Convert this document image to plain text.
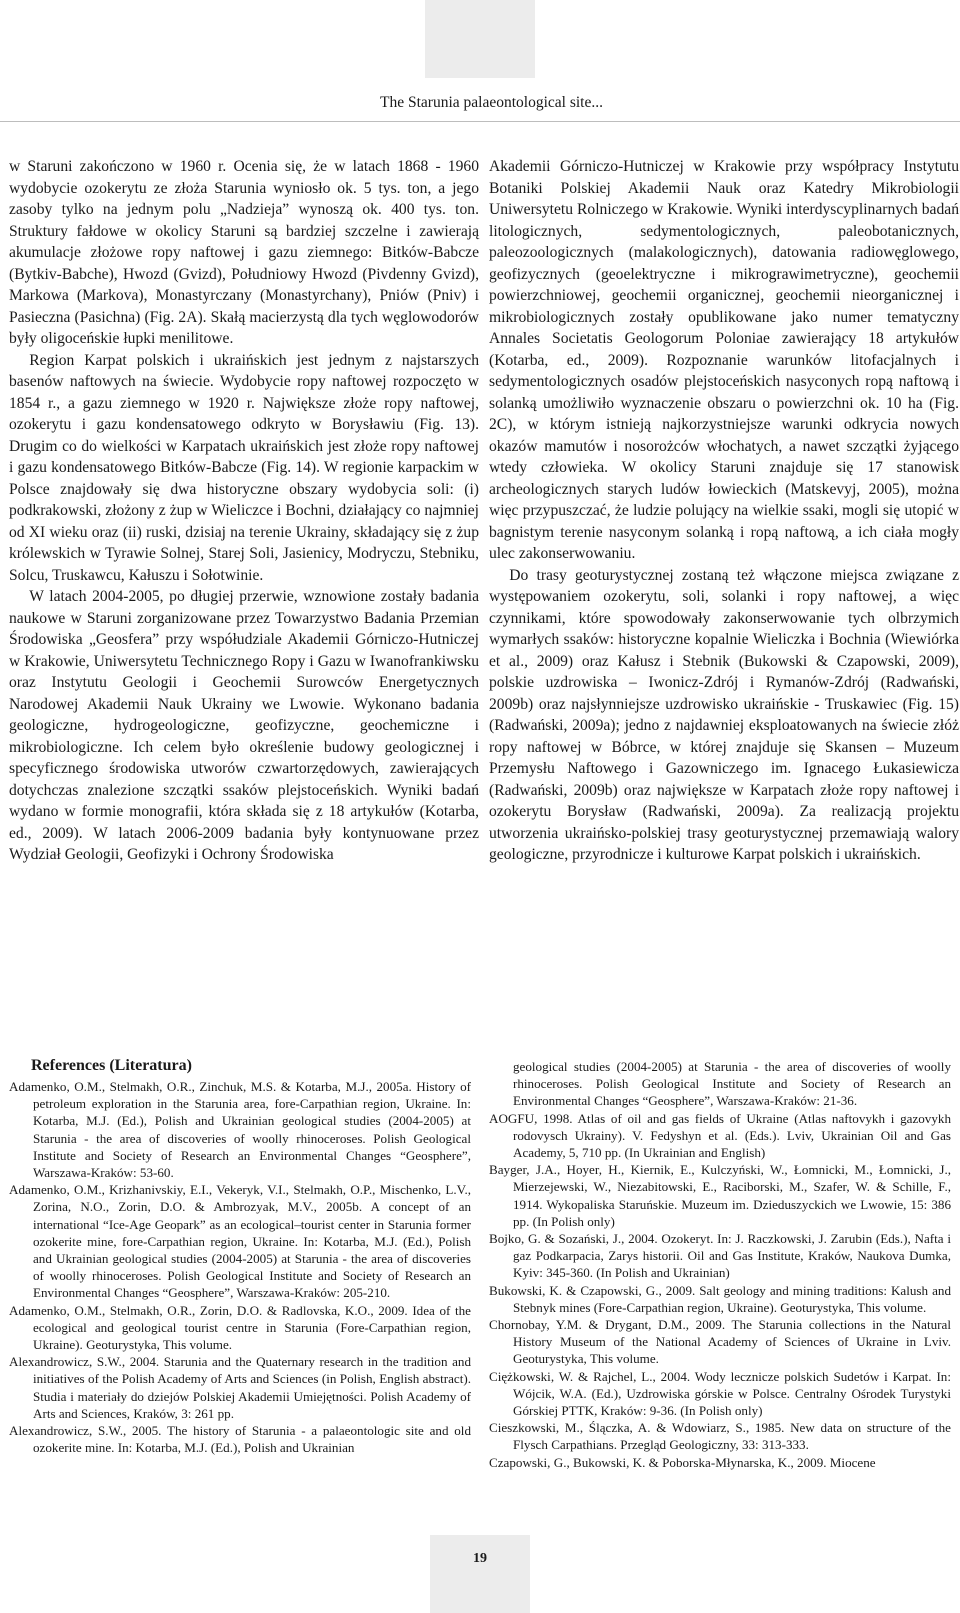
The Starunia palaeontological site...

w Staruni zakończono w 1960 r. Ocenia się, że w latach 1868 - 1960 wydobycie ozokerytu ze złoża Starunia wyniosło ok. 5 tys. ton, a jego zasoby tylko na jednym polu „Nadzieja” wynoszą ok. 400 tys. ton. Struktury fałdowe w okolicy Staruni są bardziej szczelne i zawierają akumulacje złożowe ropy naftowej i gazu ziemnego: Bitków-Babcze (Bytkiv-Babche), Hwozd (Gvizd), Południowy Hwozd (Pivdenny Gvizd), Markowa (Markova), Monastyrczany (Monastyrchany), Pniów (Pniv) i Pasieczna (Pasichna) (Fig. 2A). Skałą macierzystą dla tych węglowodorów były oligoceńskie łupki menilitowe.

Region Karpat polskich i ukraińskich jest jednym z najstarszych basenów naftowych na świecie. Wydobycie ropy naftowej rozpoczęto w 1854 r., a gazu ziemnego w 1920 r. Największe złoże ropy naftowej, ozokerytu i gazu kondensatowego odkryto w Borysławiu (Fig. 13). Drugim co do wielkości w Karpatach ukraińskich jest złoże ropy naftowej i gazu kondensatowego Bitków-Babcze (Fig. 14). W regionie karpackim w Polsce znajdowały się dwa historyczne obszary wydobycia soli: (i) podkrakowski, złożony z żup w Wieliczce i Bochni, działający co najmniej od XI wieku oraz (ii) ruski, dzisiaj na terenie Ukrainy, składający się z żup królewskich w Tyrawie Solnej, Starej Soli, Jasienicy, Modryczu, Stebniku, Solcu, Truskawcu, Kałuszu i Sołotwinie.

W latach 2004-2005, po długiej przerwie, wznowione zostały badania naukowe w Staruni zorganizowane przez Towarzystwo Badania Przemian Środowiska „Geosfera” przy współudziale Akademii Górniczo-Hutniczej w Krakowie, Uniwersytetu Technicznego Ropy i Gazu w Iwanofrankiwsku oraz Instytutu Geologii i Geochemii Surowców Energetycznych Narodowej Akademii Nauk Ukrainy we Lwowie. Wykonano badania geologiczne, hydrogeologiczne, geofizyczne, geochemiczne i mikrobiologiczne. Ich celem było określenie budowy geologicznej i specyficznego środowiska utworów czwartorzędowych, zawierających dotychczas znalezione szczątki ssaków plejstoceńskich. Wyniki badań wydano w formie monografii, która składa się z 18 artykułów (Kotarba, ed., 2009). W latach 2006-2009 badania były kontynuowane przez Wydział Geologii, Geofizyki i Ochrony Środowiska

Akademii Górniczo-Hutniczej w Krakowie przy współpracy Instytutu Botaniki Polskiej Akademii Nauk oraz Katedry Mikrobiologii Uniwersytetu Rolniczego w Krakowie. Wyniki interdyscyplinarnych badań litologicznych, sedymentologicznych, paleobotanicznych, paleozoologicznych (malakologicznych), datowania radiowęglowego, geofizycznych (geoelektryczne i mikrograwimetryczne), geochemii powierzchniowej, geochemii organicznej, geochemii nieorganicznej i mikrobiologicznych zostały opublikowane jako numer tematyczny Annales Societatis Geologorum Poloniae zawierający 18 artykułów (Kotarba, ed., 2009). Rozpoznanie warunków litofacjalnych i sedymentologicznych osadów plejstoceńskich nasyconych ropą naftową i solanką umożliwiło wyznaczenie obszaru o powierzchni ok. 10 ha (Fig. 2C), w którym istnieją najkorzystniejsze warunki odkrycia nowych okazów mamutów i nosorożców włochatych, a nawet szczątki żyjącego wtedy człowieka. W okolicy Staruni znajduje się 17 stanowisk archeologicznych starych ludów łowieckich (Matskevyj, 2005), można więc przypuszczać, że ludzie polujący na wielkie ssaki, mogli się utopić w bagnistym terenie nasyconym solanką i ropą naftową, a ich ciała mogły ulec zakonserwowaniu.

Do trasy geoturystycznej zostaną też włączone miejsca związane z występowaniem ozokerytu, soli, solanki i ropy naftowej, a więc czynnikami, które spowodowały zakonserwowanie tych olbrzymich wymarłych ssaków: historyczne kopalnie Wieliczka i Bochnia (Wiewiórka et al., 2009) oraz Kałusz i Stebnik (Bukowski & Czapowski, 2009), polskie uzdrowiska – Iwonicz-Zdrój i Rymanów-Zdrój (Radwański, 2009b) oraz najsłynniejsze uzdrowisko ukraińskie - Truskawiec (Fig. 15) (Radwański, 2009a); jedno z najdawniej eksploatowanych na świecie złóż ropy naftowej w Bóbrce, w której znajduje się Skansen – Muzeum Przemysłu Naftowego i Gazowniczego im. Ignacego Łukasiewicza (Radwański, 2009b) oraz największe w Karpatach złoże ropy naftowej i ozokerytu Borysław (Radwański, 2009a). Za realizacją projektu utworzenia ukraińsko-polskiej trasy geoturystycznej przemawiają walory geologiczne, przyrodnicze i kulturowe Karpat polskich i ukraińskich.

References (Literatura)

Adamenko, O.M., Stelmakh, O.R., Zinchuk, M.S. & Kotarba, M.J., 2005a. History of petroleum exploration in the Starunia area, fore-Carpathian region, Ukraine. In: Kotarba, M.J. (Ed.), Polish and Ukrainian geological studies (2004-2005) at Starunia - the area of discoveries of woolly rhinoceroses. Polish Geological Institute and Society of Research an Environmental Changes “Geosphere”, Warszawa-Kraków: 53-60.

Adamenko, O.M., Krizhanivskiy, E.I., Vekeryk, V.I., Stelmakh, O.P., Mischenko, L.V., Zorina, N.O., Zorin, D.O. & Ambrozyak, M.V., 2005b. A concept of an international “Ice-Age Geopark” as an ecological–tourist center in Starunia former ozokerite mine, fore-Carpathian region, Ukraine. In: Kotarba, M.J. (Ed.), Polish and Ukrainian geological studies (2004-2005) at Starunia - the area of discoveries of woolly rhinoceroses. Polish Geological Institute and Society of Research an Environmental Changes “Geosphere”, Warszawa-Kraków: 205-210.

Adamenko, O.M., Stelmakh, O.R., Zorin, D.O. & Radlovska, K.O., 2009. Idea of the ecological and geological tourist centre in Starunia (Fore-Carpathian region, Ukraine). Geoturystyka, This volume.

Alexandrowicz, S.W., 2004. Starunia and the Quaternary research in the tradition and initiatives of the Polish Academy of Arts and Sciences (in Polish, English abstract). Studia i materiały do dziejów Polskiej Akademii Umiejętności. Polish Academy of Arts and Sciences, Kraków, 3: 261 pp.

Alexandrowicz, S.W., 2005. The history of Starunia - a palaeontologic site and old ozokerite mine. In: Kotarba, M.J. (Ed.), Polish and Ukrainian

geological studies (2004-2005) at Starunia - the area of discoveries of woolly rhinoceroses. Polish Geological Institute and Society of Research an Environmental Changes “Geosphere”, Warszawa-Kraków: 21-36.

AOGFU, 1998. Atlas of oil and gas fields of Ukraine (Atlas naftovykh i gazovykh rodovysch Ukrainy). V. Fedyshyn et al. (Eds.). Lviv, Ukrainian Oil and Gas Academy, 5, 710 pp. (In Ukrainian and English)

Bayger, J.A., Hoyer, H., Kiernik, E., Kulczyński, W., Łomnicki, M., Łomnicki, J., Mierzejewski, W., Niezabitowski, E., Raciborski, M., Szafer, W. & Schille, F., 1914. Wykopaliska Staruńskie. Muzeum im. Dzieduszyckich we Lwowie, 15: 386 pp. (In Polish only)

Bojko, G. & Sozański, J., 2004. Ozokeryt. In: J. Raczkowski, J. Zarubin (Eds.), Nafta i gaz Podkarpacia, Zarys historii. Oil and Gas Institute, Kraków, Naukova Dumka, Kyiv: 345-360. (In Polish and Ukrainian)

Bukowski, K. & Czapowski, G., 2009. Salt geology and mining traditions: Kalush and Stebnyk mines (Fore-Carpathian region, Ukraine). Geoturystyka, This volume.

Chornobay, Y.M. & Drygant, D.M., 2009. The Starunia collections in the Natural History Museum of the National Academy of Sciences of Ukraine in Lviv. Geoturystyka, This volume.

Ciężkowski, W. & Rajchel, L., 2004. Wody lecznicze polskich Sudetów i Karpat. In: Wójcik, W.A. (Ed.), Uzdrowiska górskie w Polsce. Centralny Ośrodek Turystyki Górskiej PTTK, Kraków: 9-36. (In Polish only)

Cieszkowski, M., Ślączka, A. & Wdowiarz, S., 1985. New data on structure of the Flysch Carpathians. Przegląd Geologiczny, 33: 313-333.

Czapowski, G., Bukowski, K. & Poborska-Młynarska, K., 2009. Miocene

19
